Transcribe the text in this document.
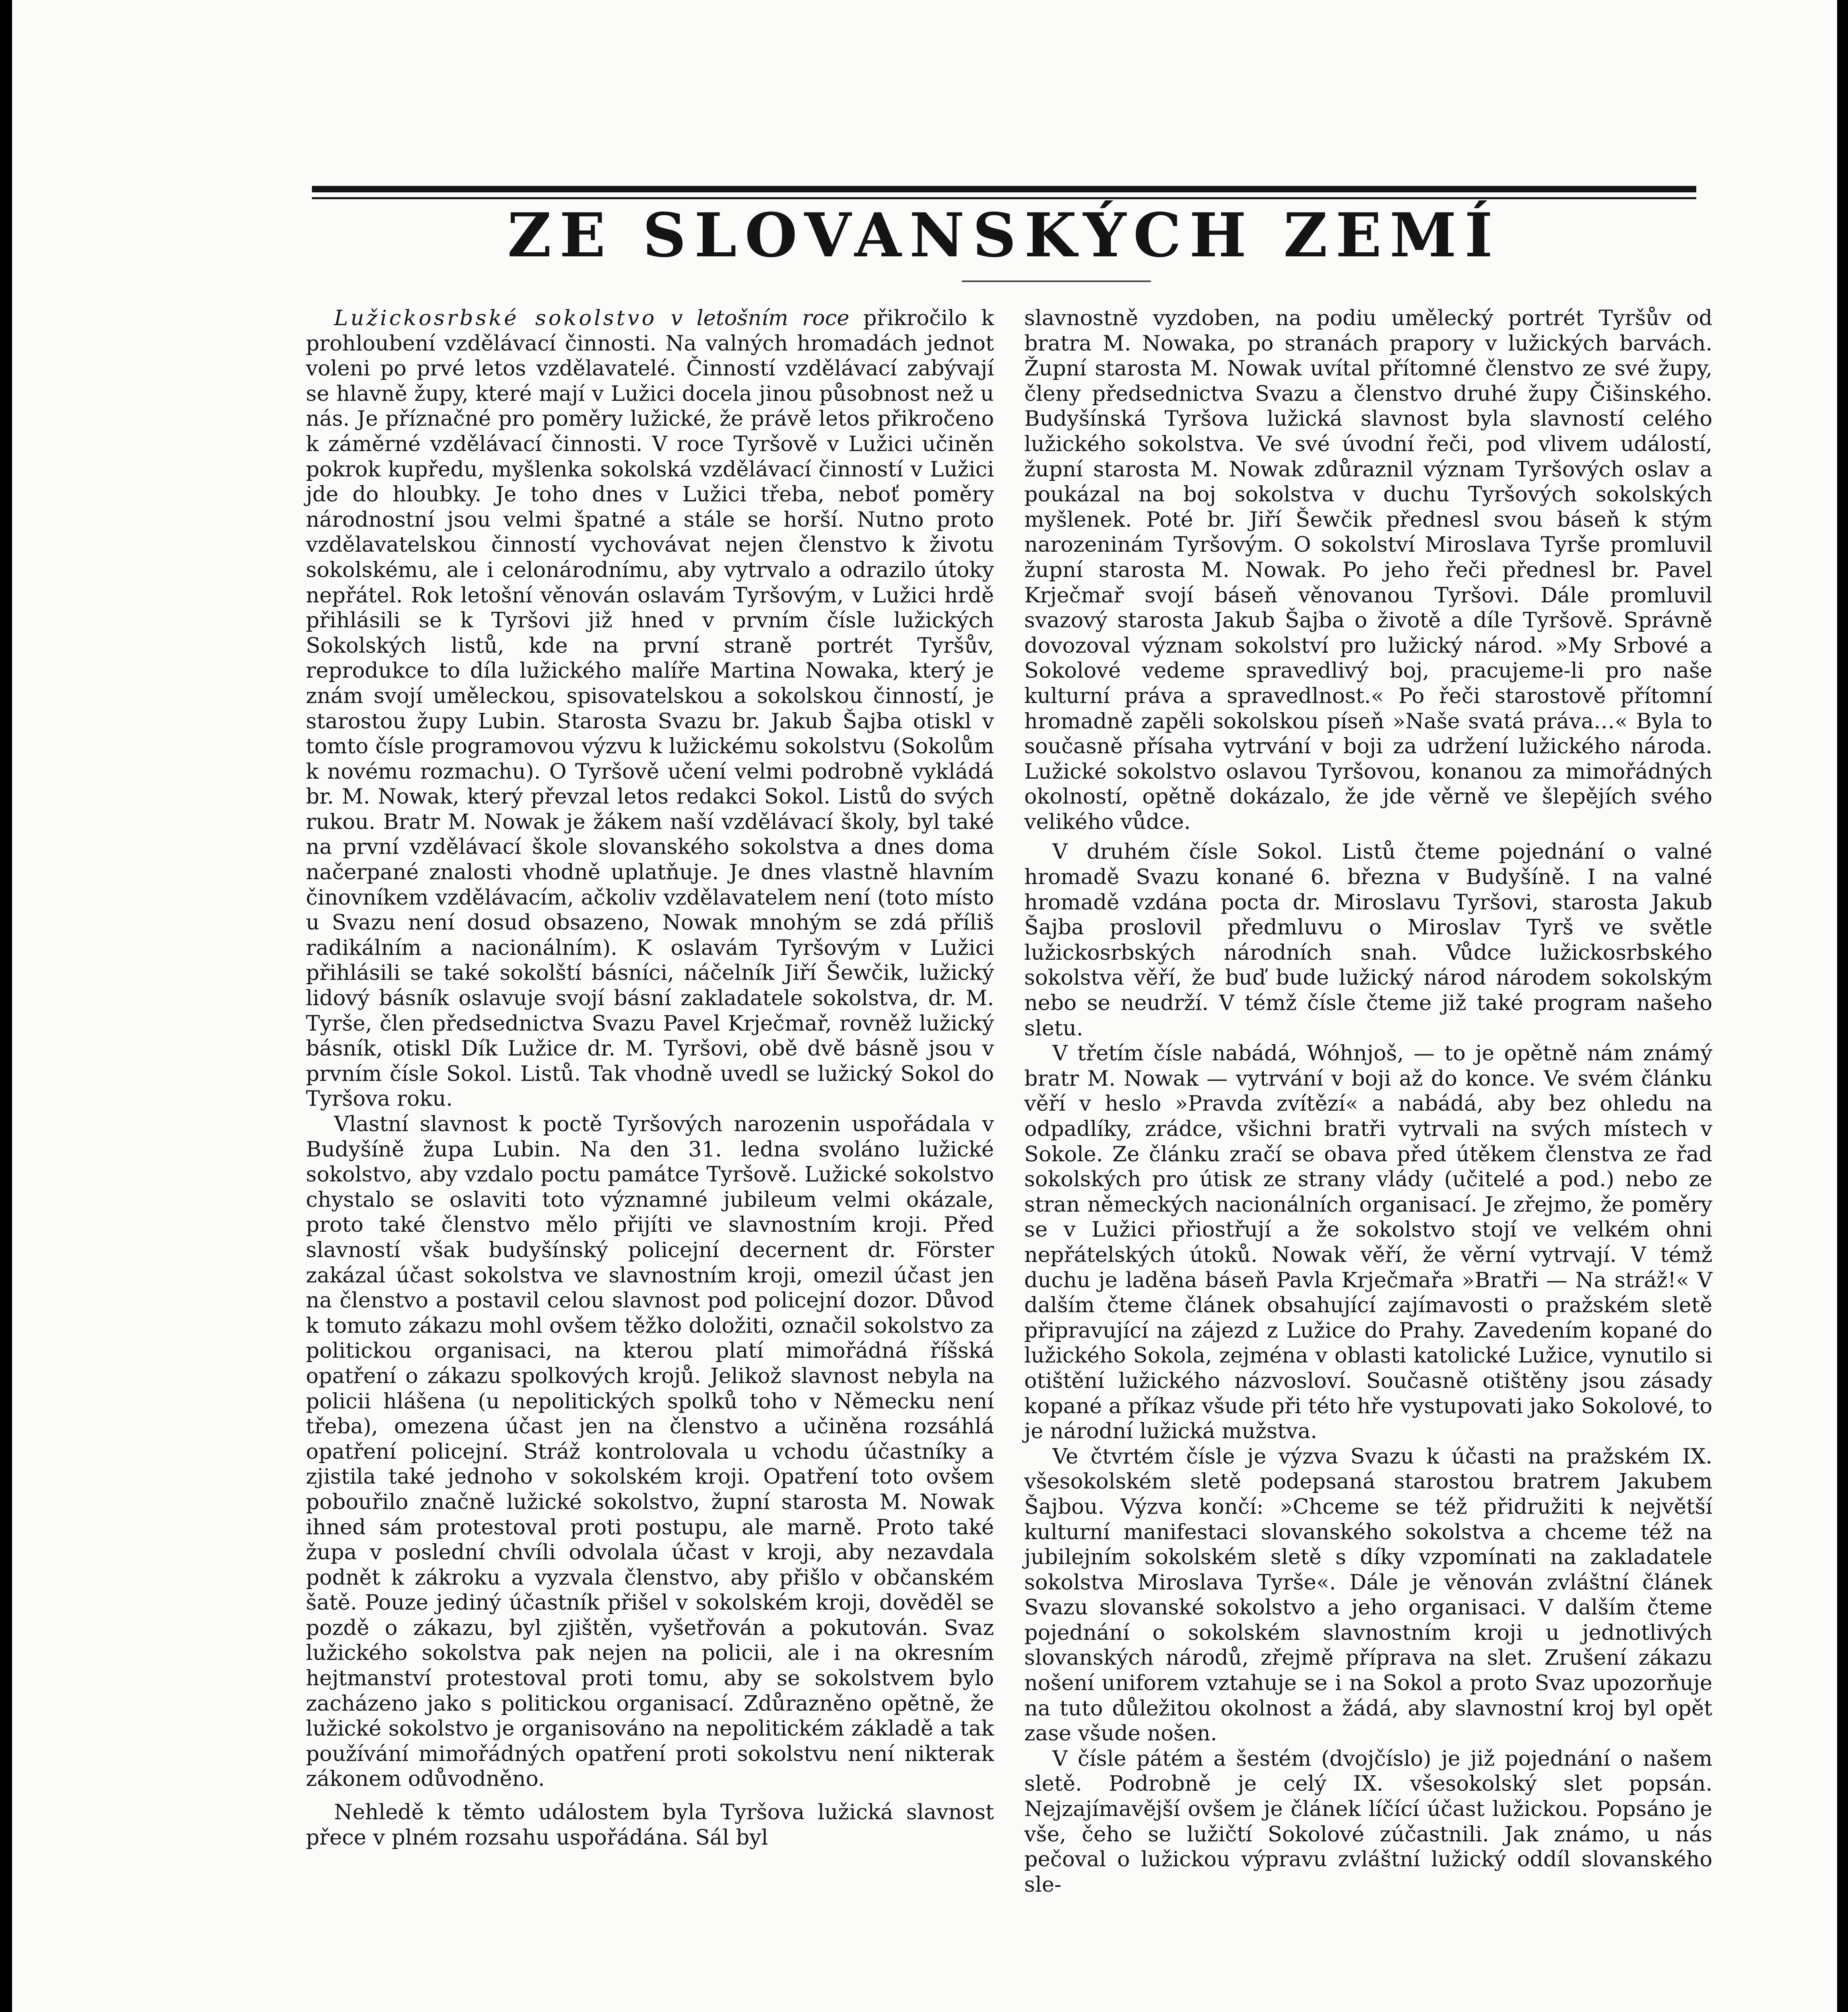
ZE SLOVANSKÝCH ZEMÍ

Lužickosrbské sokolstvo v letošním roce přikročilo k prohloubení vzdělávací činnosti. Na valných hromadách jednot voleni po prvé letos vzdělavatelé. Činností vzdělávací zabývají se hlavně župy, které mají v Lužici docela jinou působnost než u nás. Je příznačné pro poměry lužické, že právě letos přikročeno k záměrné vzdělávací činnosti. V roce Tyršově v Lužici učiněn pokrok kupředu, myšlenka sokolská vzdělávací činností v Lužici jde do hloubky. Je toho dnes v Lužici třeba, neboť poměry národnostní jsou velmi špatné a stále se horší. Nutno proto vzdělavatelskou činností vychovávat nejen členstvo k životu sokolskému, ale i celonárodnímu, aby vytrvalo a odrazilo útoky nepřátel. Rok letošní věnován oslavám Tyršovým, v Lužici hrdě přihlásili se k Tyršovi již hned v prvním čísle lužických Sokolských listů, kde na první straně portrét Tyršův, reprodukce to díla lužického malíře Martina Nowaka, který je znám svojí uměleckou, spisovatelskou a sokolskou činností, je starostou župy Lubin. Starosta Svazu br. Jakub Šajba otiskl v tomto čísle programovou výzvu k lužickému sokolstvu (Sokolům k novému rozmachu). O Tyršově učení velmi podrobně vykládá br. M. Nowak, který převzal letos redakci Sokol. Listů do svých rukou. Bratr M. Nowak je žákem naší vzdělávací školy, byl také na první vzdělávací škole slovanského sokolstva a dnes doma načerpané znalosti vhodně uplatňuje. Je dnes vlastně hlavním činovníkem vzdělávacím, ačkoliv vzdělavatelem není (toto místo u Svazu není dosud obsazeno, Nowak mnohým se zdá příliš radikálním a nacionálním). K oslavám Tyršovým v Lužici přihlásili se také sokolští básníci, náčelník Jiří Šewčik, lužický lidový básník oslavuje svojí básní zakladatele sokolstva, dr. M. Tyrše, člen předsednictva Svazu Pavel Krječmař, rovněž lužický básník, otiskl Dík Lužice dr. M. Tyršovi, obě dvě básně jsou v prvním čísle Sokol. Listů. Tak vhodně uvedl se lužický Sokol do Tyršova roku.

Vlastní slavnost k poctě Tyršových narozenin uspořádala v Budyšíně župa Lubin. Na den 31. ledna svoláno lužické sokolstvo, aby vzdalo poctu památce Tyršově. Lužické sokolstvo chystalo se oslaviti toto významné jubileum velmi okázale, proto také členstvo mělo přijíti ve slavnostním kroji. Před slavností však budyšínský policejní decernent dr. Förster zakázal účast sokolstva ve slavnostním kroji, omezil účast jen na členstvo a postavil celou slavnost pod policejní dozor. Důvod k tomuto zákazu mohl ovšem těžko doložiti, označil sokolstvo za politickou organisaci, na kterou platí mimořádná říšská opatření o zákazu spolkových krojů. Jelikož slavnost nebyla na policii hlášena (u nepolitických spolků toho v Německu není třeba), omezena účast jen na členstvo a učiněna rozsáhlá opatření policejní. Stráž kontrolovala u vchodu účastníky a zjistila také jednoho v sokolském kroji. Opatření toto ovšem pobouřilo značně lužické sokolstvo, župní starosta M. Nowak ihned sám protestoval proti postupu, ale marně. Proto také župa v poslední chvíli odvolala účast v kroji, aby nezavdala podnět k zákroku a vyzvala členstvo, aby přišlo v občanském šatě. Pouze jediný účastník přišel v sokolském kroji, dověděl se pozdě o zákazu, byl zjištěn, vyšetřován a pokutován. Svaz lužického sokolstva pak nejen na policii, ale i na okresním hejtmanství protestoval proti tomu, aby se sokolstvem bylo zacházeno jako s politickou organisací. Zdůrazněno opětně, že lužické sokolstvo je organisováno na nepolitickém základě a tak používání mimořádných opatření proti sokolstvu není nikterak zákonem odůvodněno.

Nehledě k těmto událostem byla Tyršova lužická slavnost přece v plném rozsahu uspořádána. Sál byl

slavnostně vyzdoben, na podiu umělecký portrét Tyršův od bratra M. Nowaka, po stranách prapory v lužických barvách. Župní starosta M. Nowak uvítal přítomné členstvo ze své župy, členy předsednictva Svazu a členstvo druhé župy Čišinského. Budyšínská Tyršova lužická slavnost byla slavností celého lužického sokolstva. Ve své úvodní řeči, pod vlivem událostí, župní starosta M. Nowak zdůraznil význam Tyršových oslav a poukázal na boj sokolstva v duchu Tyršových sokolských myšlenek. Poté br. Jiří Šewčik přednesl svou báseň k stým narozeninám Tyršovým. O sokolství Miroslava Tyrše promluvil župní starosta M. Nowak. Po jeho řeči přednesl br. Pavel Krječmař svojí báseň věnovanou Tyršovi. Dále promluvil svazový starosta Jakub Šajba o životě a díle Tyršově. Správně dovozoval význam sokolství pro lužický národ. »My Srbové a Sokolové vedeme spravedlivý boj, pracujeme-li pro naše kulturní práva a spravedlnost.« Po řeči starostově přítomní hromadně zapěli sokolskou píseň »Naše svatá práva…« Byla to současně přísaha vytrvání v boji za udržení lužického národa. Lužické sokolstvo oslavou Tyršovou, konanou za mimořádných okolností, opětně dokázalo, že jde věrně ve šlepějích svého velikého vůdce.

V druhém čísle Sokol. Listů čteme pojednání o valné hromadě Svazu konané 6. března v Budyšíně. I na valné hromadě vzdána pocta dr. Miroslavu Tyršovi, starosta Jakub Šajba proslovil předmluvu o Miroslav Tyrš ve světle lužickosrbských národních snah. Vůdce lužickosrbského sokolstva věří, že buď bude lužický národ národem sokolským nebo se neudrží. V témž čísle čteme již také program našeho sletu.

V třetím čísle nabádá, Wóhnjoš, — to je opětně nám známý bratr M. Nowak — vytrvání v boji až do konce. Ve svém článku věří v heslo »Pravda zvítězí« a nabádá, aby bez ohledu na odpadlíky, zrádce, všichni bratři vytrvali na svých místech v Sokole. Ze článku zračí se obava před útěkem členstva ze řad sokolských pro útisk ze strany vlády (učitelé a pod.) nebo ze stran německých nacionálních organisací. Je zřejmo, že poměry se v Lužici přiostřují a že sokolstvo stojí ve velkém ohni nepřátelských útoků. Nowak věří, že věrní vytrvají. V témž duchu je laděna báseň Pavla Krječmařa »Bratři — Na stráž!« V dalším čteme článek obsahující zajímavosti o pražském sletě připravující na zájezd z Lužice do Prahy. Zavedením kopané do lužického Sokola, zejména v oblasti katolické Lužice, vynutilo si otištění lužického názvosloví. Současně otištěny jsou zásady kopané a příkaz všude při této hře vystupovati jako Sokolové, to je národní lužická mužstva.

Ve čtvrtém čísle je výzva Svazu k účasti na pražském IX. všesokolském sletě podepsaná starostou bratrem Jakubem Šajbou. Výzva končí: »Chceme se též přidružiti k největší kulturní manifestaci slovanského sokolstva a chceme též na jubilejním sokolském sletě s díky vzpomínati na zakladatele sokolstva Miroslava Tyrše«. Dále je věnován zvláštní článek Svazu slovanské sokolstvo a jeho organisaci. V dalším čteme pojednání o sokolském slavnostním kroji u jednotlivých slovanských národů, zřejmě příprava na slet. Zrušení zákazu nošení uniforem vztahuje se i na Sokol a proto Svaz upozorňuje na tuto důležitou okolnost a žádá, aby slavnostní kroj byl opět zase všude nošen.

V čísle pátém a šestém (dvojčíslo) je již pojednání o našem sletě. Podrobně je celý IX. všesokolský slet popsán. Nejzajímavější ovšem je článek líčící účast lužickou. Popsáno je vše, čeho se lužičtí Sokolové zúčastnili. Jak známo, u nás pečoval o lužickou výpravu zvláštní lužický oddíl slovanského sle-
